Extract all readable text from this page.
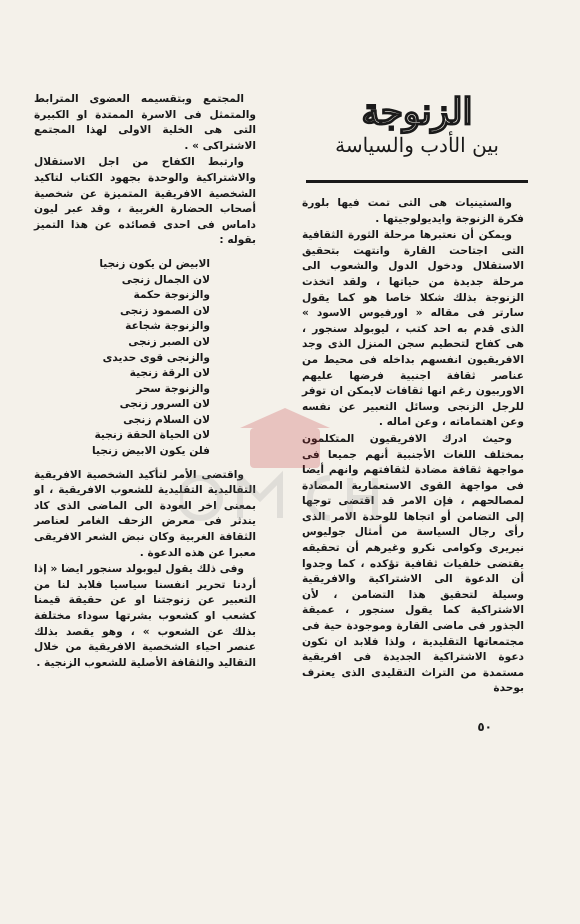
الزنوجة
بين الأدب والسياسة

والستينيات هى التى تمت فيها بلورة فكرة الزنوجة وايديولوجيتها .

ويمكن أن نعتبرها مرحلة الثورة الثقافية التى اجتاحت القارة وانتهت بتحقيق الاستقلال ودخول الدول والشعوب الى مرحلة جديدة من حياتها ، ولقد اتخذت الزنوجة بذلك شكلا خاصا هو كما يقول سارتر فى مقاله « اورفيوس الاسود » الذى قدم به احد كتب ، ليوبولد سنجور ، هى كفاح لتحطيم سجن المنزل الذى وجد الافريقيون انفسهم بداخله فى محيط من عناصر ثقافة اجنبية فرضها عليهم الاوربيون رغم انها ثقافات لايمكن ان توفر للرجل الزنجى وسائل التعبير عن نفسه وعن اهتماماته ، وعن اماله .

وحيث ادرك الافريقيون المتكلمون بمختلف اللغات الأجنبية أنهم جميعا فى مواجهة ثقافة مضادة لثقافتهم وانهم أيضا فى مواجهة القوى الاستعمارية المضادة لمصالحهم ، فإن الامر قد اقتضى توجها إلى التضامن أو اتجاها للوحدة الامر الذى رأى رجال السياسة من أمثال جوليوس نيريرى وكوامى نكرو وغيرهم أن تحقيقه يقتضى خلفيات ثقافية تؤكده ، كما وجدوا أن الدعوة الى الاشتراكية والافريقية وسيلة لتحقيق هذا التضامن ، لأن الاشتراكية كما يقول سنجور ، عميقة الجذور فى ماضى القارة وموجودة حية فى مجتمعاتها التقليدية ، ولذا فلابد ان تكون دعوة الاشتراكية الجديدة فى افريقية مستمدة من التراث التقليدى الذى يعترف بوحدة

المجتمع وبتقسيمه العضوى المترابط والمتمثل فى الاسرة الممتدة او الكبيرة التى هى الخلية الاولى لهذا المجتمع الاشتراكى » .

وارتبط الكفاح من اجل الاستقلال والاشتراكية والوحدة بجهود الكتاب لتاكيد الشخصية الافريقية المتميزة عن شخصية أصحاب الحضارة الغربية ، وقد عبر ليون داماس فى احدى قصائده عن هذا التميز بقوله :

الابيض لن يكون زنجيا
لان الجمال زنجى
والزنوجة حكمة
لان الصمود زنجى
والزنوجة شجاعة
لان الصبر زنجى
والزنجى قوى حديدى
لان الرقة زنجية
والزنوجة سحر
لان السرور زنجى
لان السلام زنجى
لان الحياة الحقة زنجية
فلن يكون الابيض زنجيا

واقتضى الأمر لتأكيد الشخصية الافريقية التقاليدية التقليدية للشعوب الافريقية ، او بمعنى اخر العودة الى الماضى الذى كاد يندثر فى معرض الزحف الغامر لعناصر الثقافة الغربية وكان نبض الشعر الافريقى معبرا عن هذه الدعوة .

وفى ذلك يقول ليوبولد سنجور ايضا « إذا أردنا تحرير انفسنا سياسيا فلابد لنا من التعبير عن زنوجتنا او عن حقيقة قيمنا كشعب او كشعوب بشرتها سوداء مختلفة بذلك عن الشعوب » ، وهو يقصد بذلك عنصر احياء الشخصية الافريقية من خلال التقاليد والثقافة الأصلية للشعوب الزنجية .

٥٠
